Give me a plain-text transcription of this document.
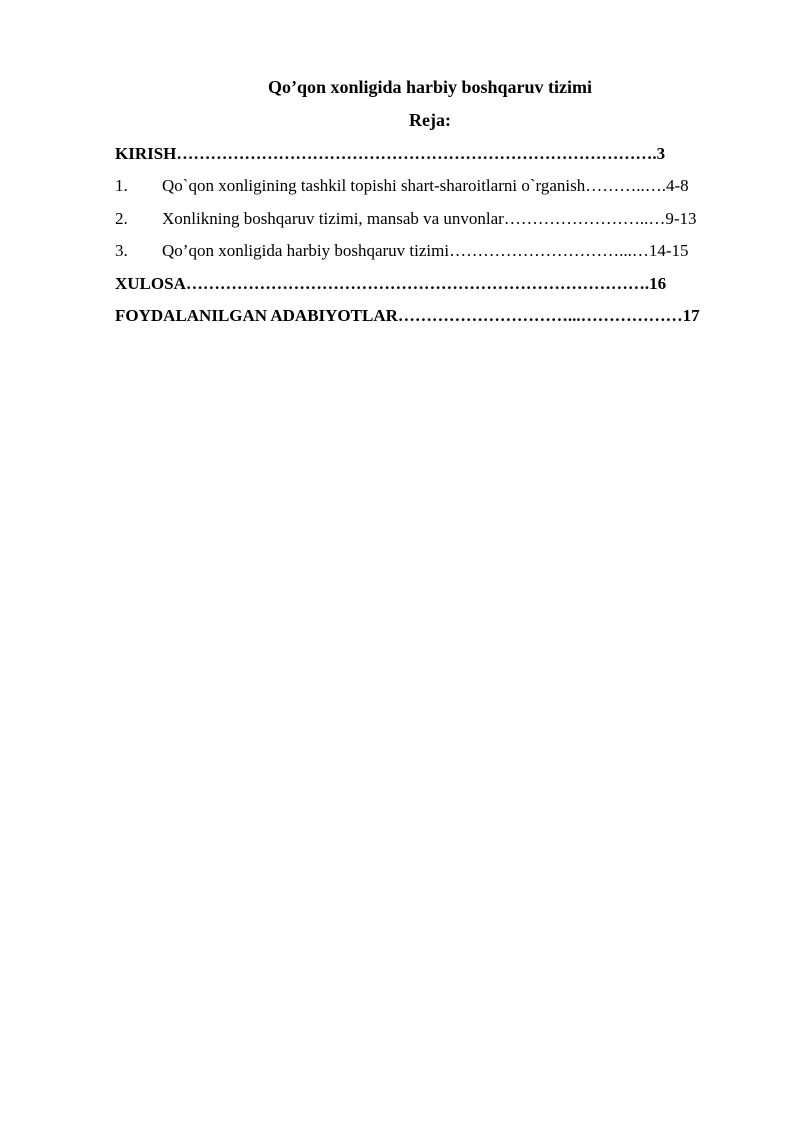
Qo’qon xonligida harbiy boshqaruv tizimi
Reja:
KIRISH………………………………………………………………………….3
1. Qo`qon xonligining tashkil topishi shart-sharoitlarni o`rganish………..….4-8
2. Xonlikning boshqaruv tizimi, mansab va unvonlar……………………..…9-13
3. Qo’qon xonligida harbiy boshqaruv tizimi…………………………...…14-15
XULOSA……………………………………………………………………….16
FOYDALANILGAN ADABIYOTLAR…………………………...………………17
